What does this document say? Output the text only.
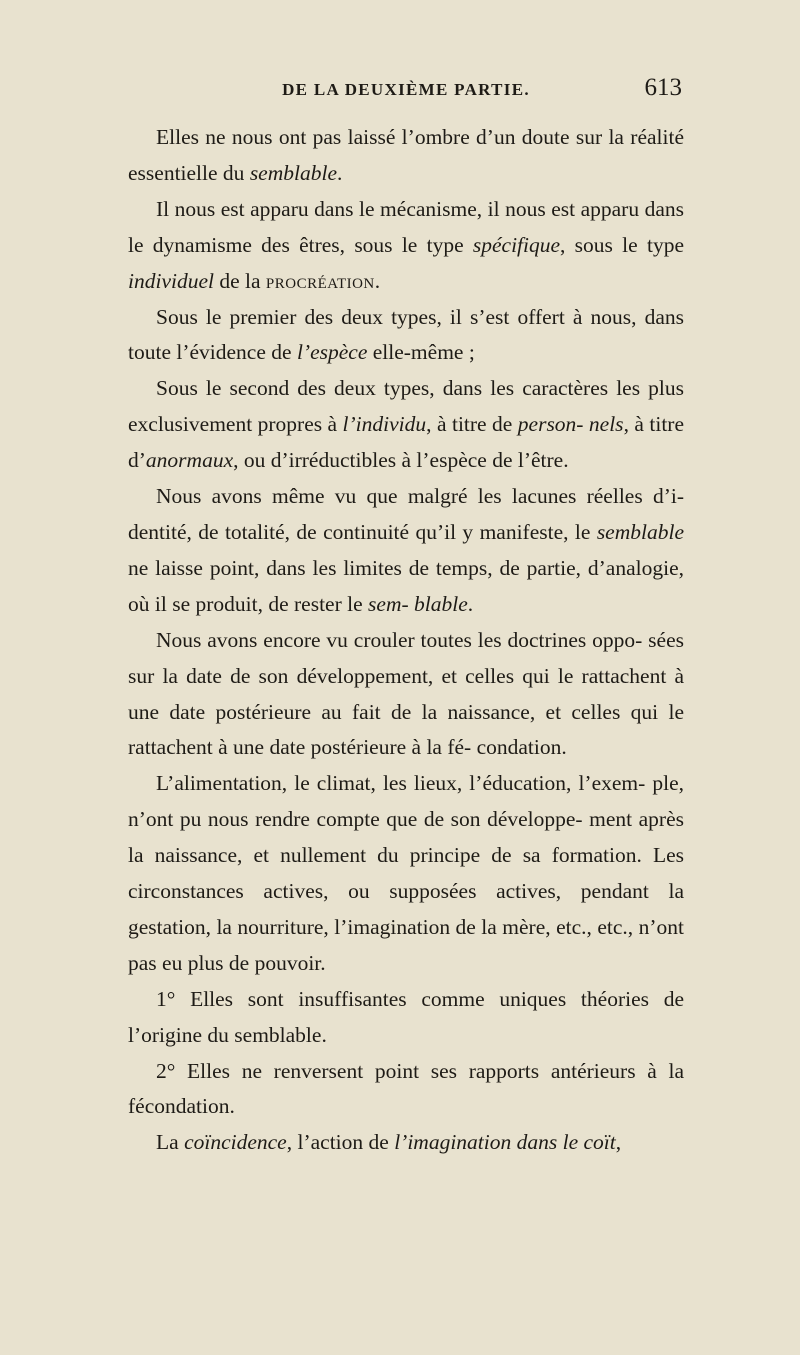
DE LA DEUXIÈME PARTIE.	613

Elles ne nous ont pas laissé l’ombre d’un doute sur la réalité essentielle du semblable.

Il nous est apparu dans le mécanisme, il nous est apparu dans le dynamisme des êtres, sous le type spécifique, sous le type individuel de la procréation.

Sous le premier des deux types, il s’est offert à nous, dans toute l’évidence de l’espèce elle-même ;

Sous le second des deux types, dans les caractères les plus exclusivement propres à l’individu, à titre de person- nels, à titre d’anormaux, ou d’irréductibles à l’espèce de l’être.

Nous avons même vu que malgré les lacunes réelles d’i- dentité, de totalité, de continuité qu’il y manifeste, le semblable ne laisse point, dans les limites de temps, de partie, d’analogie, où il se produit, de rester le sem- blable.

Nous avons encore vu crouler toutes les doctrines oppo- sées sur la date de son développement, et celles qui le rattachent à une date postérieure au fait de la naissance, et celles qui le rattachent à une date postérieure à la fé- condation.

L’alimentation, le climat, les lieux, l’éducation, l’exem- ple, n’ont pu nous rendre compte que de son développe- ment après la naissance, et nullement du principe de sa formation. Les circonstances actives, ou supposées actives, pendant la gestation, la nourriture, l’imagination de la mère, etc., etc., n’ont pas eu plus de pouvoir.

1° Elles sont insuffisantes comme uniques théories de l’origine du semblable.

2° Elles ne renversent point ses rapports antérieurs à la fécondation.

La coïncidence, l’action de l’imagination dans le coït,
